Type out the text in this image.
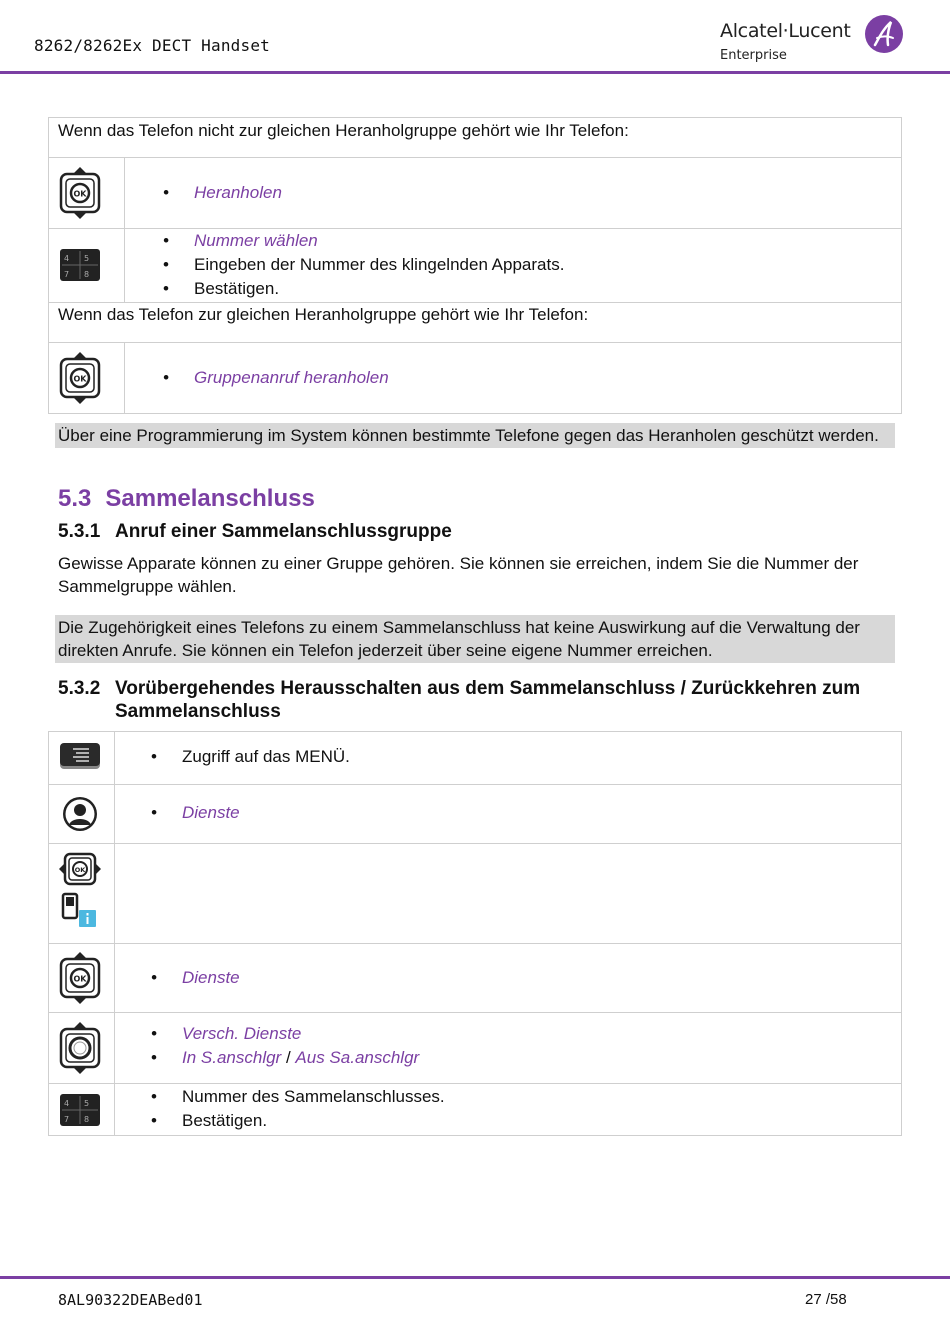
8262/8262Ex DECT Handset
Alcatel·Lucent
Enterprise
Wenn das Telefon nicht zur gleichen Heranholgruppe gehört wie Ihr Telefon:
• Heranholen
4 5
7 8
• Nummer wählen
• Eingeben der Nummer des klingelnden Apparats.
• Bestätigen.
Wenn das Telefon zur gleichen Heranholgruppe gehört wie Ihr Telefon:
• Gruppenanruf heranholen
Über eine Programmierung im System können bestimmte Telefone gegen das Heranholen geschützt werden.
5.3 Sammelanschluss
5.3.1 Anruf einer Sammelanschlussgruppe
Gewisse Apparate können zu einer Gruppe gehören. Sie können sie erreichen, indem Sie die Nummer der Sammelgruppe wählen.
Die Zugehörigkeit eines Telefons zu einem Sammelanschluss hat keine Auswirkung auf die Verwaltung der direkten Anrufe. Sie können ein Telefon jederzeit über seine eigene Nummer erreichen.
5.3.2 Vorübergehendes Herausschalten aus dem Sammelanschluss / Zurückkehren zum
Sammelanschluss
• Zugriff auf das MENÜ.
• Dienste
• Dienste
• Versch. Dienste
• In S.anschlgr / Aus Sa.anschlgr
4 5
7 8
• Nummer des Sammelanschlusses.
• Bestätigen.
8AL90322DEABed01	27 /58
